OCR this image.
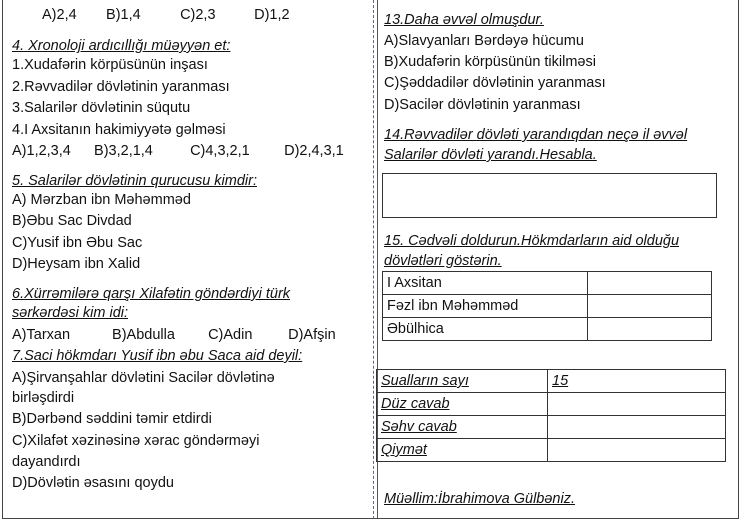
A)2,4 B)1,4	C)2,3	D)1,2
4. Xronoloji ardıcıllığı müəyyən et:
1.Xudafərin körpüsünün inşası
2.Rəvvadilər dövlətinin yaranması
3.Salarilər dövlətinin süqutu
4.I Axsitanın hakimiyyətə gəlməsi
A)1,2,3,4 B)3,2,1,4	C)4,3,2,1 D)2,4,3,1
5. Salarilər dövlətinin qurucusu kimdir:
A) Mərzban ibn Məhəmməd
B)Əbu Sac Divdad
C)Yusif ibn Əbu Sac
D)Heysam ibn Xalid
6.Xürrəmilərə qarşı Xilafətin göndərdiyi türk
sərkərdəsi kim idi:
A)Tarxan	B)Abdulla C)Adin D)Afşin
7.Saci hökmdarı Yusif ibn əbu Saca aid deyil:
A)Şirvanşahlar dövlətini Sacilər dövlətinə
birləşdirdi
B)Dərbənd səddini təmir etdirdi
C)Xilafət xəzinəsinə xərac göndərməyi
dayandırdı
D)Dövlətin əsasını qoydu
13.Daha əvvəl olmuşdur.
A)Slavyanları Bərdəyə hücumu
B)Xudafərin körpüsünün tikilməsi
C)Şəddadilər dövlətinin yaranması
D)Sacilər dövlətinin yaranması
14.Rəvvadilər dövləti yarandıqdan neçə il əvvəl
Salarilər dövləti yarandı.Hesabla.
15. Cədvəli doldurun.Hökmdarların aid olduğu
dövlətləri göstərin.
I Axsitan	
Fəzl ibn Məhəmməd	
Əbülhica	
Sualların sayı	15
Düz cavab	
Səhv cavab	
Qiymət	
Müəllim:İbrahimova Gülbəniz.
